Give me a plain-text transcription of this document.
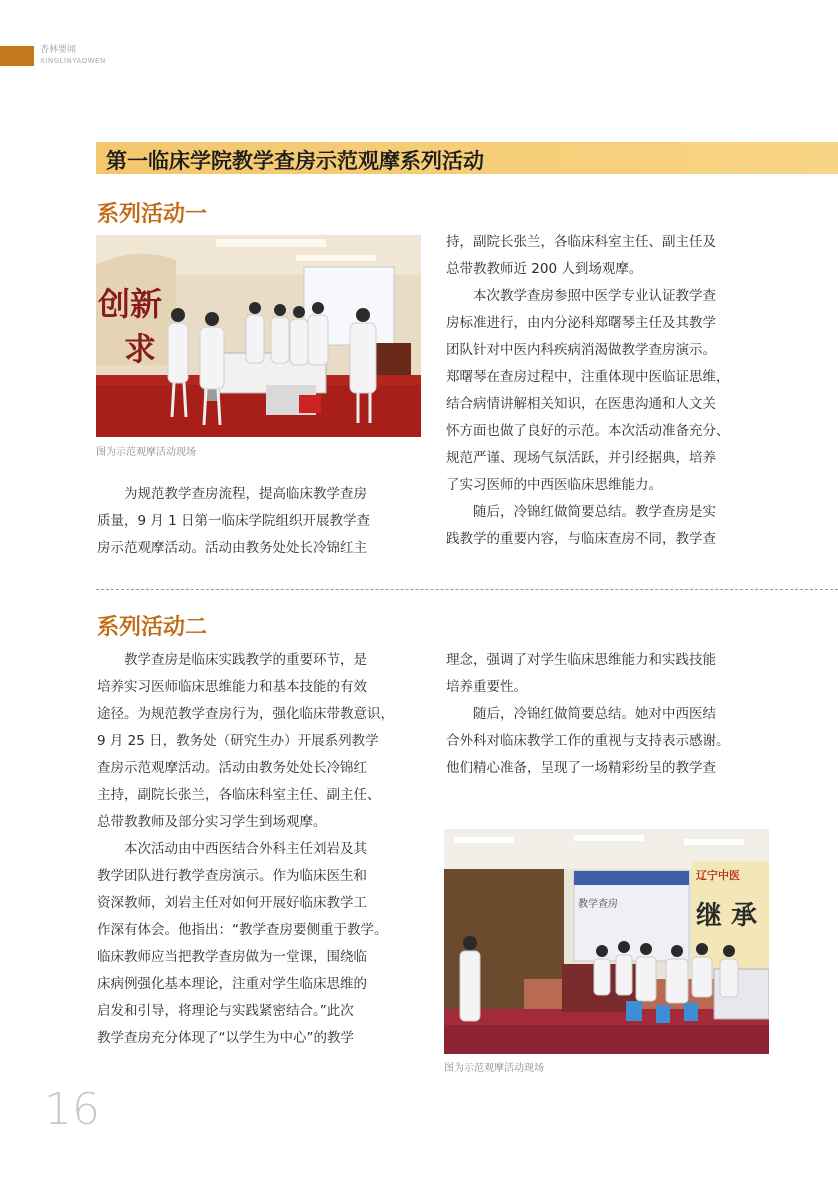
杏林要闻
XINGLINYAOWEN
第一临床学院教学查房示范观摩系列活动
系列活动一
创新
求
图为示范观摩活动现场

为规范教学查房流程，提高临床教学查房

质量，9 月 1 日第一临床学院组织开展教学查

房示范观摩活动。活动由教务处处长冷锦红主

持，副院长张兰，各临床科室主任、副主任及

总带教教师近 200 人到场观摩。

本次教学查房参照中医学专业认证教学查

房标准进行，由内分泌科郑曙琴主任及其教学

团队针对中医内科疾病消渴做教学查房演示。

郑曙琴在查房过程中，注重体现中医临证思维，

结合病情讲解相关知识，在医患沟通和人文关

怀方面也做了良好的示范。本次活动准备充分、

规范严谨、现场气氛活跃，并引经据典，培养

了实习医师的中西医临床思维能力。

随后，冷锦红做简要总结。教学查房是实

践教学的重要内容，与临床查房不同，教学查

系列活动二

教学查房是临床实践教学的重要环节，是

培养实习医师临床思维能力和基本技能的有效

途径。为规范教学查房行为，强化临床带教意识，

9 月 25 日，教务处（研究生办）开展系列教学

查房示范观摩活动。活动由教务处处长冷锦红

主持，副院长张兰，各临床科室主任、副主任、

总带教教师及部分实习学生到场观摩。

本次活动由中西医结合外科主任刘岩及其

教学团队进行教学查房演示。作为临床医生和

资深教师，刘岩主任对如何开展好临床教学工

作深有体会。他指出：“教学查房要侧重于教学。

临床教师应当把教学查房做为一堂课，围绕临

床病例强化基本理论，注重对学生临床思维的

启发和引导，将理论与实践紧密结合。”此次

教学查房充分体现了“以学生为中心”的教学

理念，强调了对学生临床思维能力和实践技能

培养重要性。

随后，冷锦红做简要总结。她对中西医结

合外科对临床教学工作的重视与支持表示感谢。

他们精心准备，呈现了一场精彩纷呈的教学查

教学查房
辽宁中医
继 承
图为示范观摩活动现场
16
